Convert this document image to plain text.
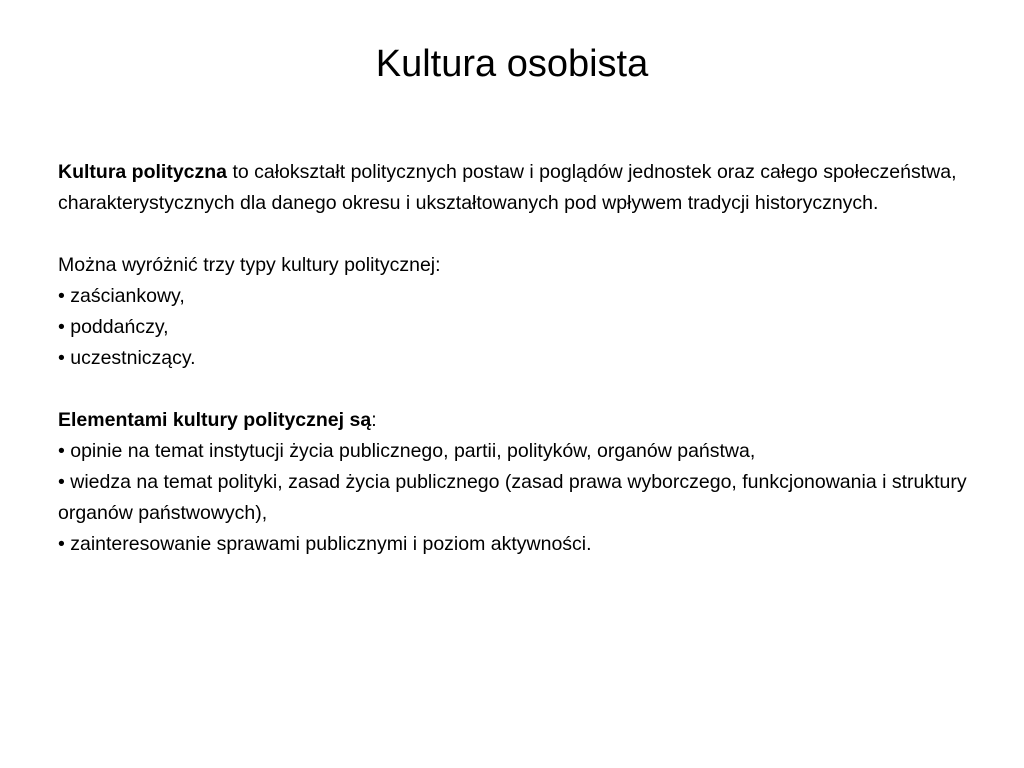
Kultura osobista

Kultura polityczna to całokształt politycznych postaw i poglądów jednostek oraz całego społeczeństwa, charakterystycznych dla danego okresu i ukształtowanych pod wpływem tradycji historycznych.

Można wyróżnić trzy typy kultury politycznej:

• zaściankowy,

• poddańczy,

• uczestniczący.

Elementami kultury politycznej są:

• opinie na temat instytucji życia publicznego, partii, polityków, organów państwa,

• wiedza na temat polityki, zasad życia publicznego (zasad prawa wyborczego, funkcjonowania i struktury organów państwowych),

• zainteresowanie sprawami publicznymi i poziom aktywności.
